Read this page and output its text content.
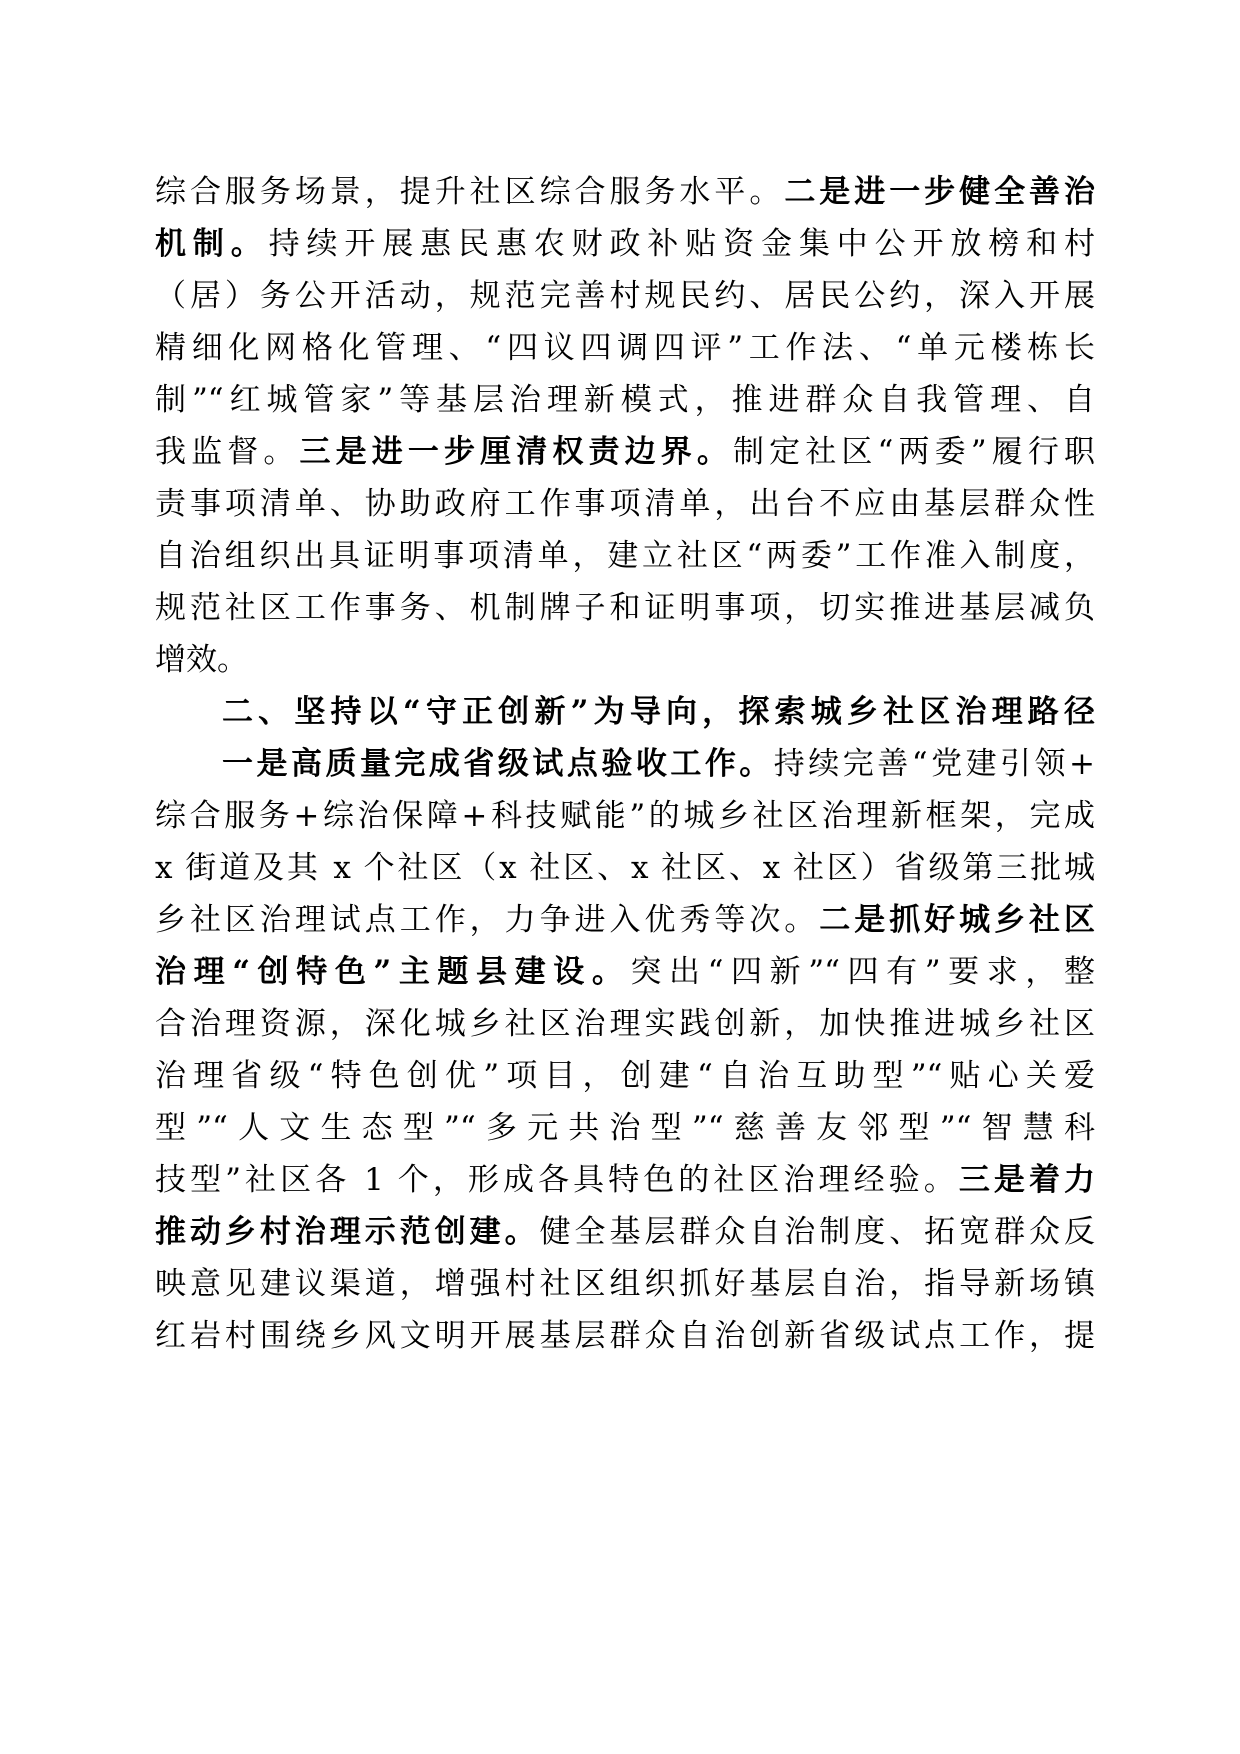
综合服务场景，提升社区综合服务水平。二是进一步健全善治
机制。持续开展惠民惠农财政补贴资金集中公开放榜和村
（居）务公开活动，规范完善村规民约、居民公约，深入开展
精细化网格化管理、“四议四调四评”工作法、“单元楼栋长
制”“红城管家”等基层治理新模式，推进群众自我管理、自
我监督。三是进一步厘清权责边界。制定社区“两委”履行职
责事项清单、协助政府工作事项清单，出台不应由基层群众性
自治组织出具证明事项清单，建立社区“两委”工作准入制度，
规范社区工作事务、机制牌子和证明事项，切实推进基层减负
增效。
二、坚持以“守正创新”为导向，探索城乡社区治理路径
一是高质量完成省级试点验收工作。持续完善“党建引领+
综合服务+综治保障+科技赋能”的城乡社区治理新框架，完成
x 街道及其 x 个社区（x 社区、x 社区、x 社区）省级第三批城
乡社区治理试点工作，力争进入优秀等次。二是抓好城乡社区
治理“创特色”主题县建设。突出“四新”“四有”要求，整
合治理资源，深化城乡社区治理实践创新，加快推进城乡社区
治理省级“特色创优”项目，创建“自治互助型”“贴心关爱
型”“人文生态型”“多元共治型”“慈善友邻型”“智慧科
技型”社区各 1 个，形成各具特色的社区治理经验。三是着力
推动乡村治理示范创建。健全基层群众自治制度、拓宽群众反
映意见建议渠道，增强村社区组织抓好基层自治，指导新场镇
红岩村围绕乡风文明开展基层群众自治创新省级试点工作，提
